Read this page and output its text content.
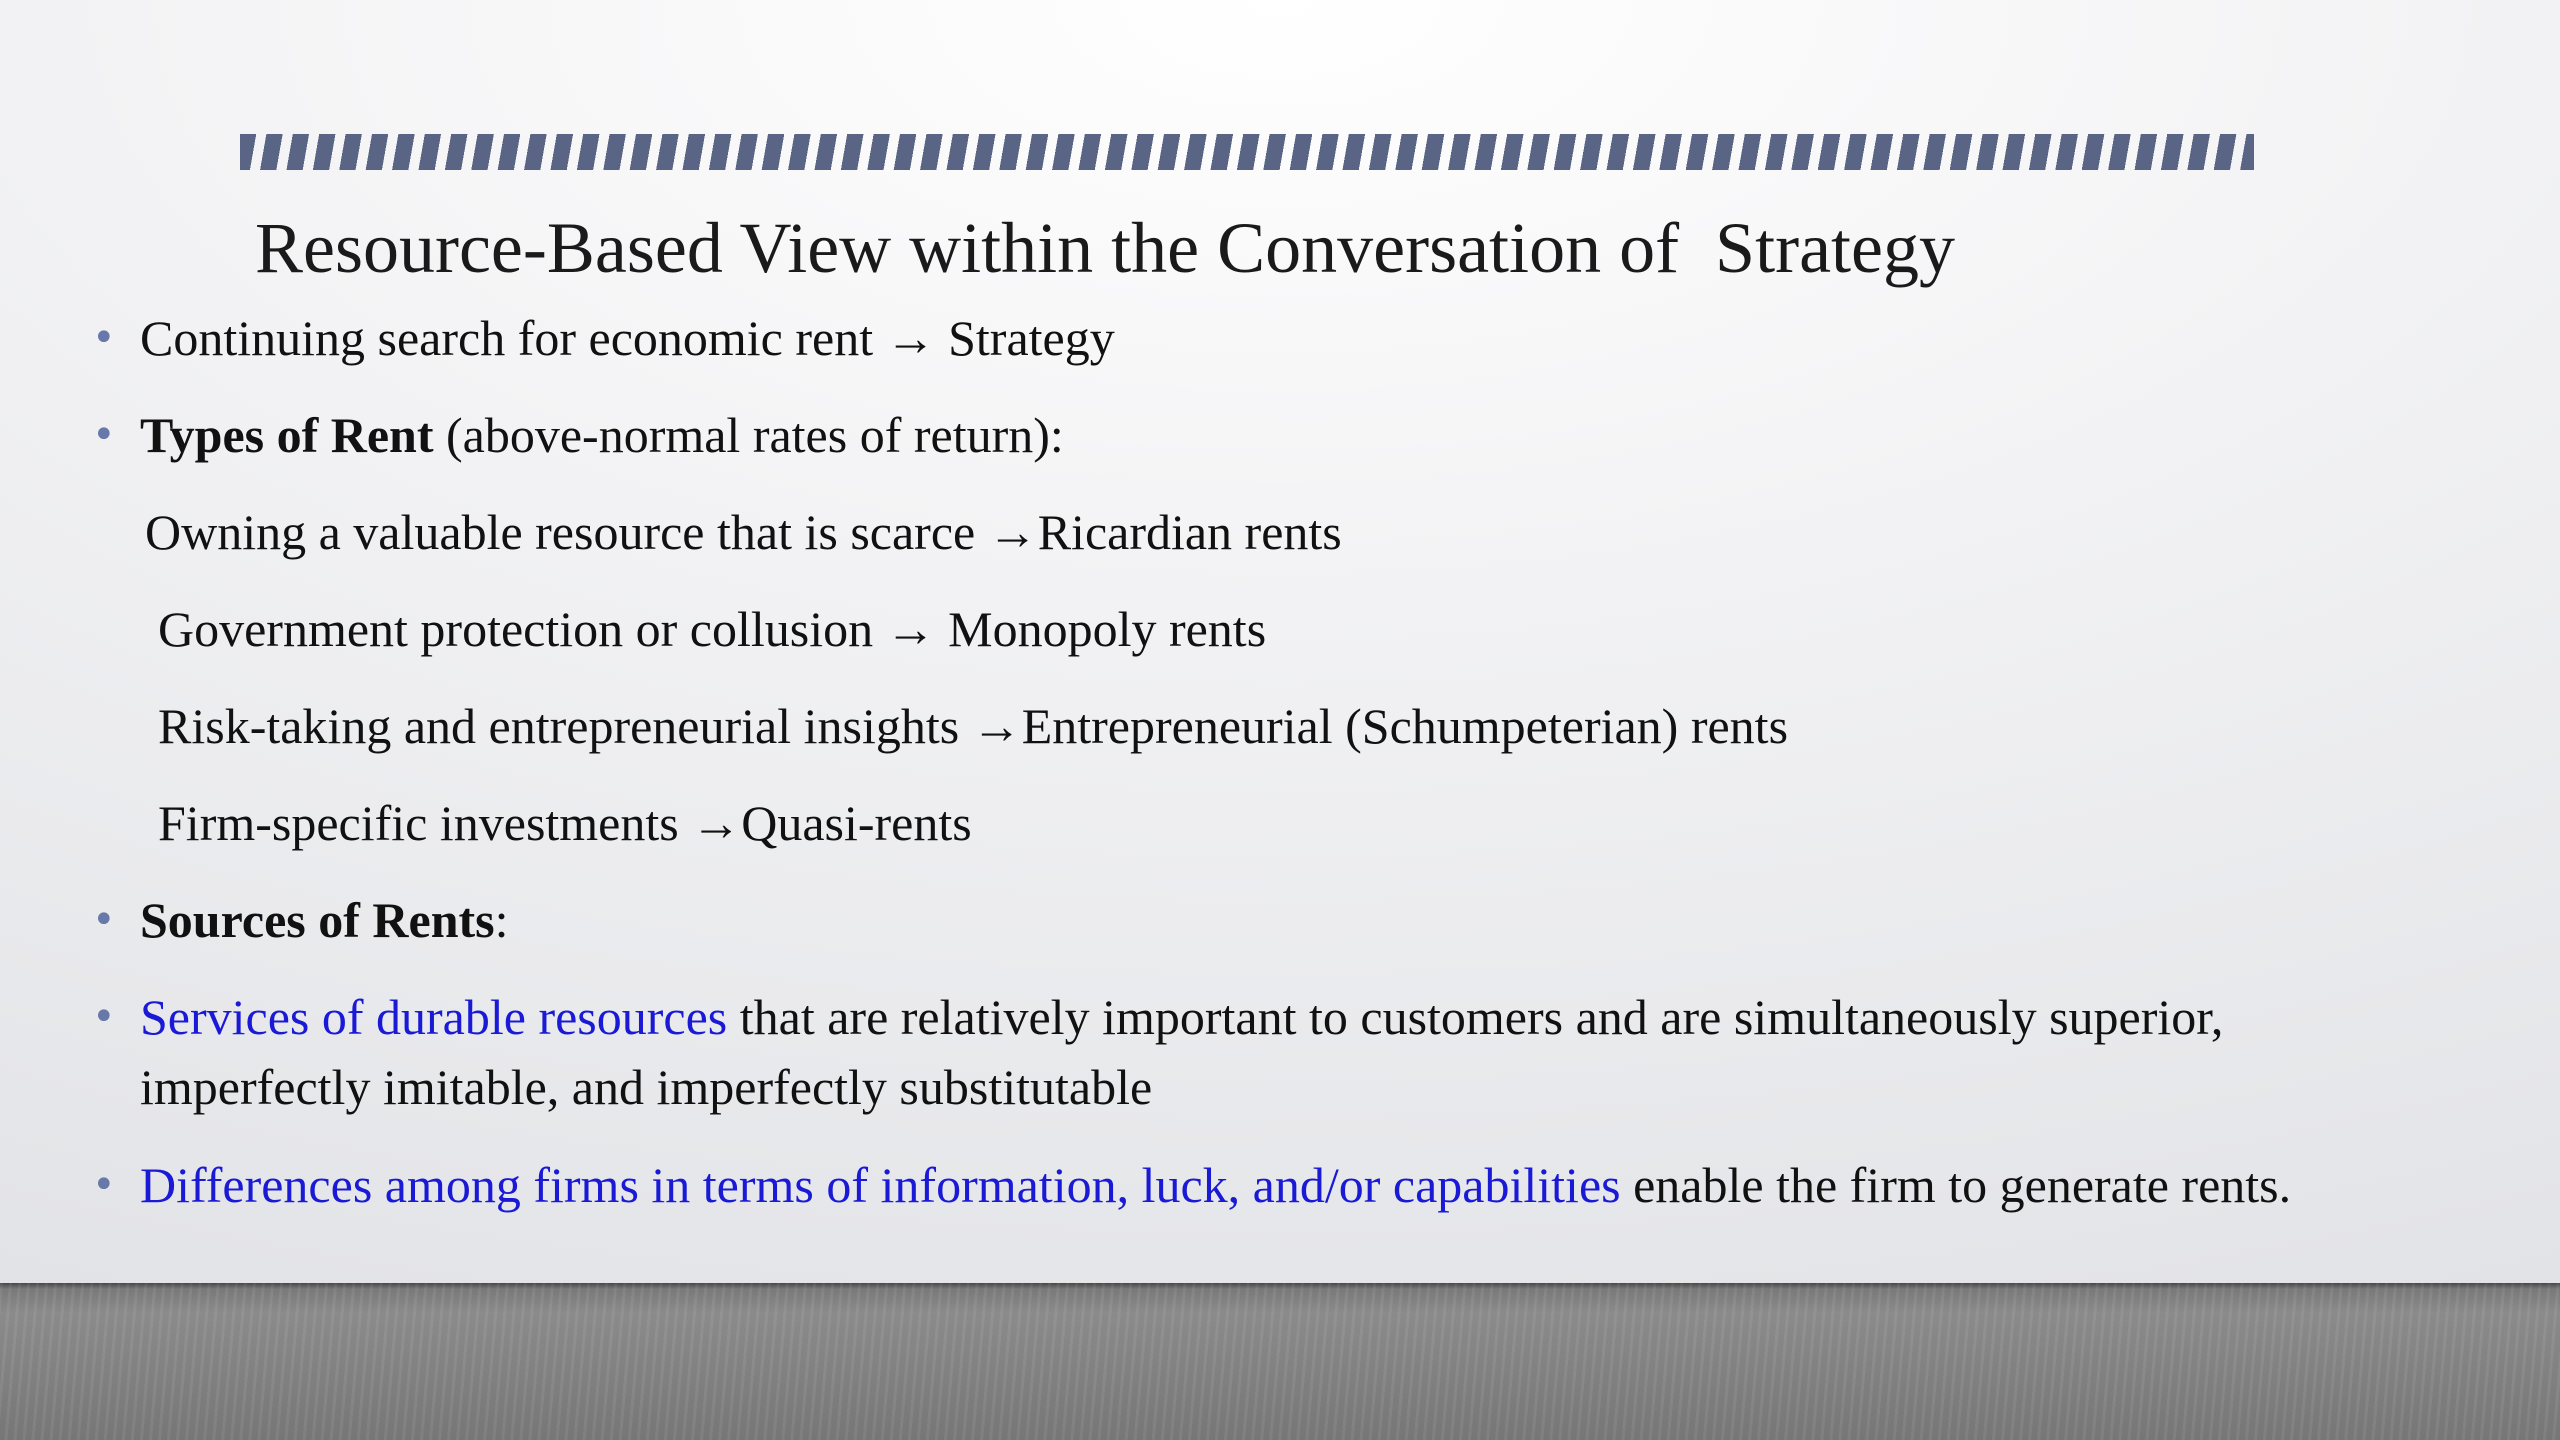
Resource-Based View within the Conversation of  Strategy
• Continuing search for economic rent → Strategy
• Types of Rent (above-normal rates of return):
Owning a valuable resource that is scarce →Ricardian rents
Government protection or collusion → Monopoly rents
Risk-taking and entrepreneurial insights →Entrepreneurial (Schumpeterian) rents
Firm-specific investments →Quasi-rents
• Sources of Rents:
• Services of durable resources that are relatively important to customers and are simultaneously superior, imperfectly imitable, and imperfectly substitutable
• Differences among firms in terms of information, luck, and/or capabilities enable the firm to generate rents.
